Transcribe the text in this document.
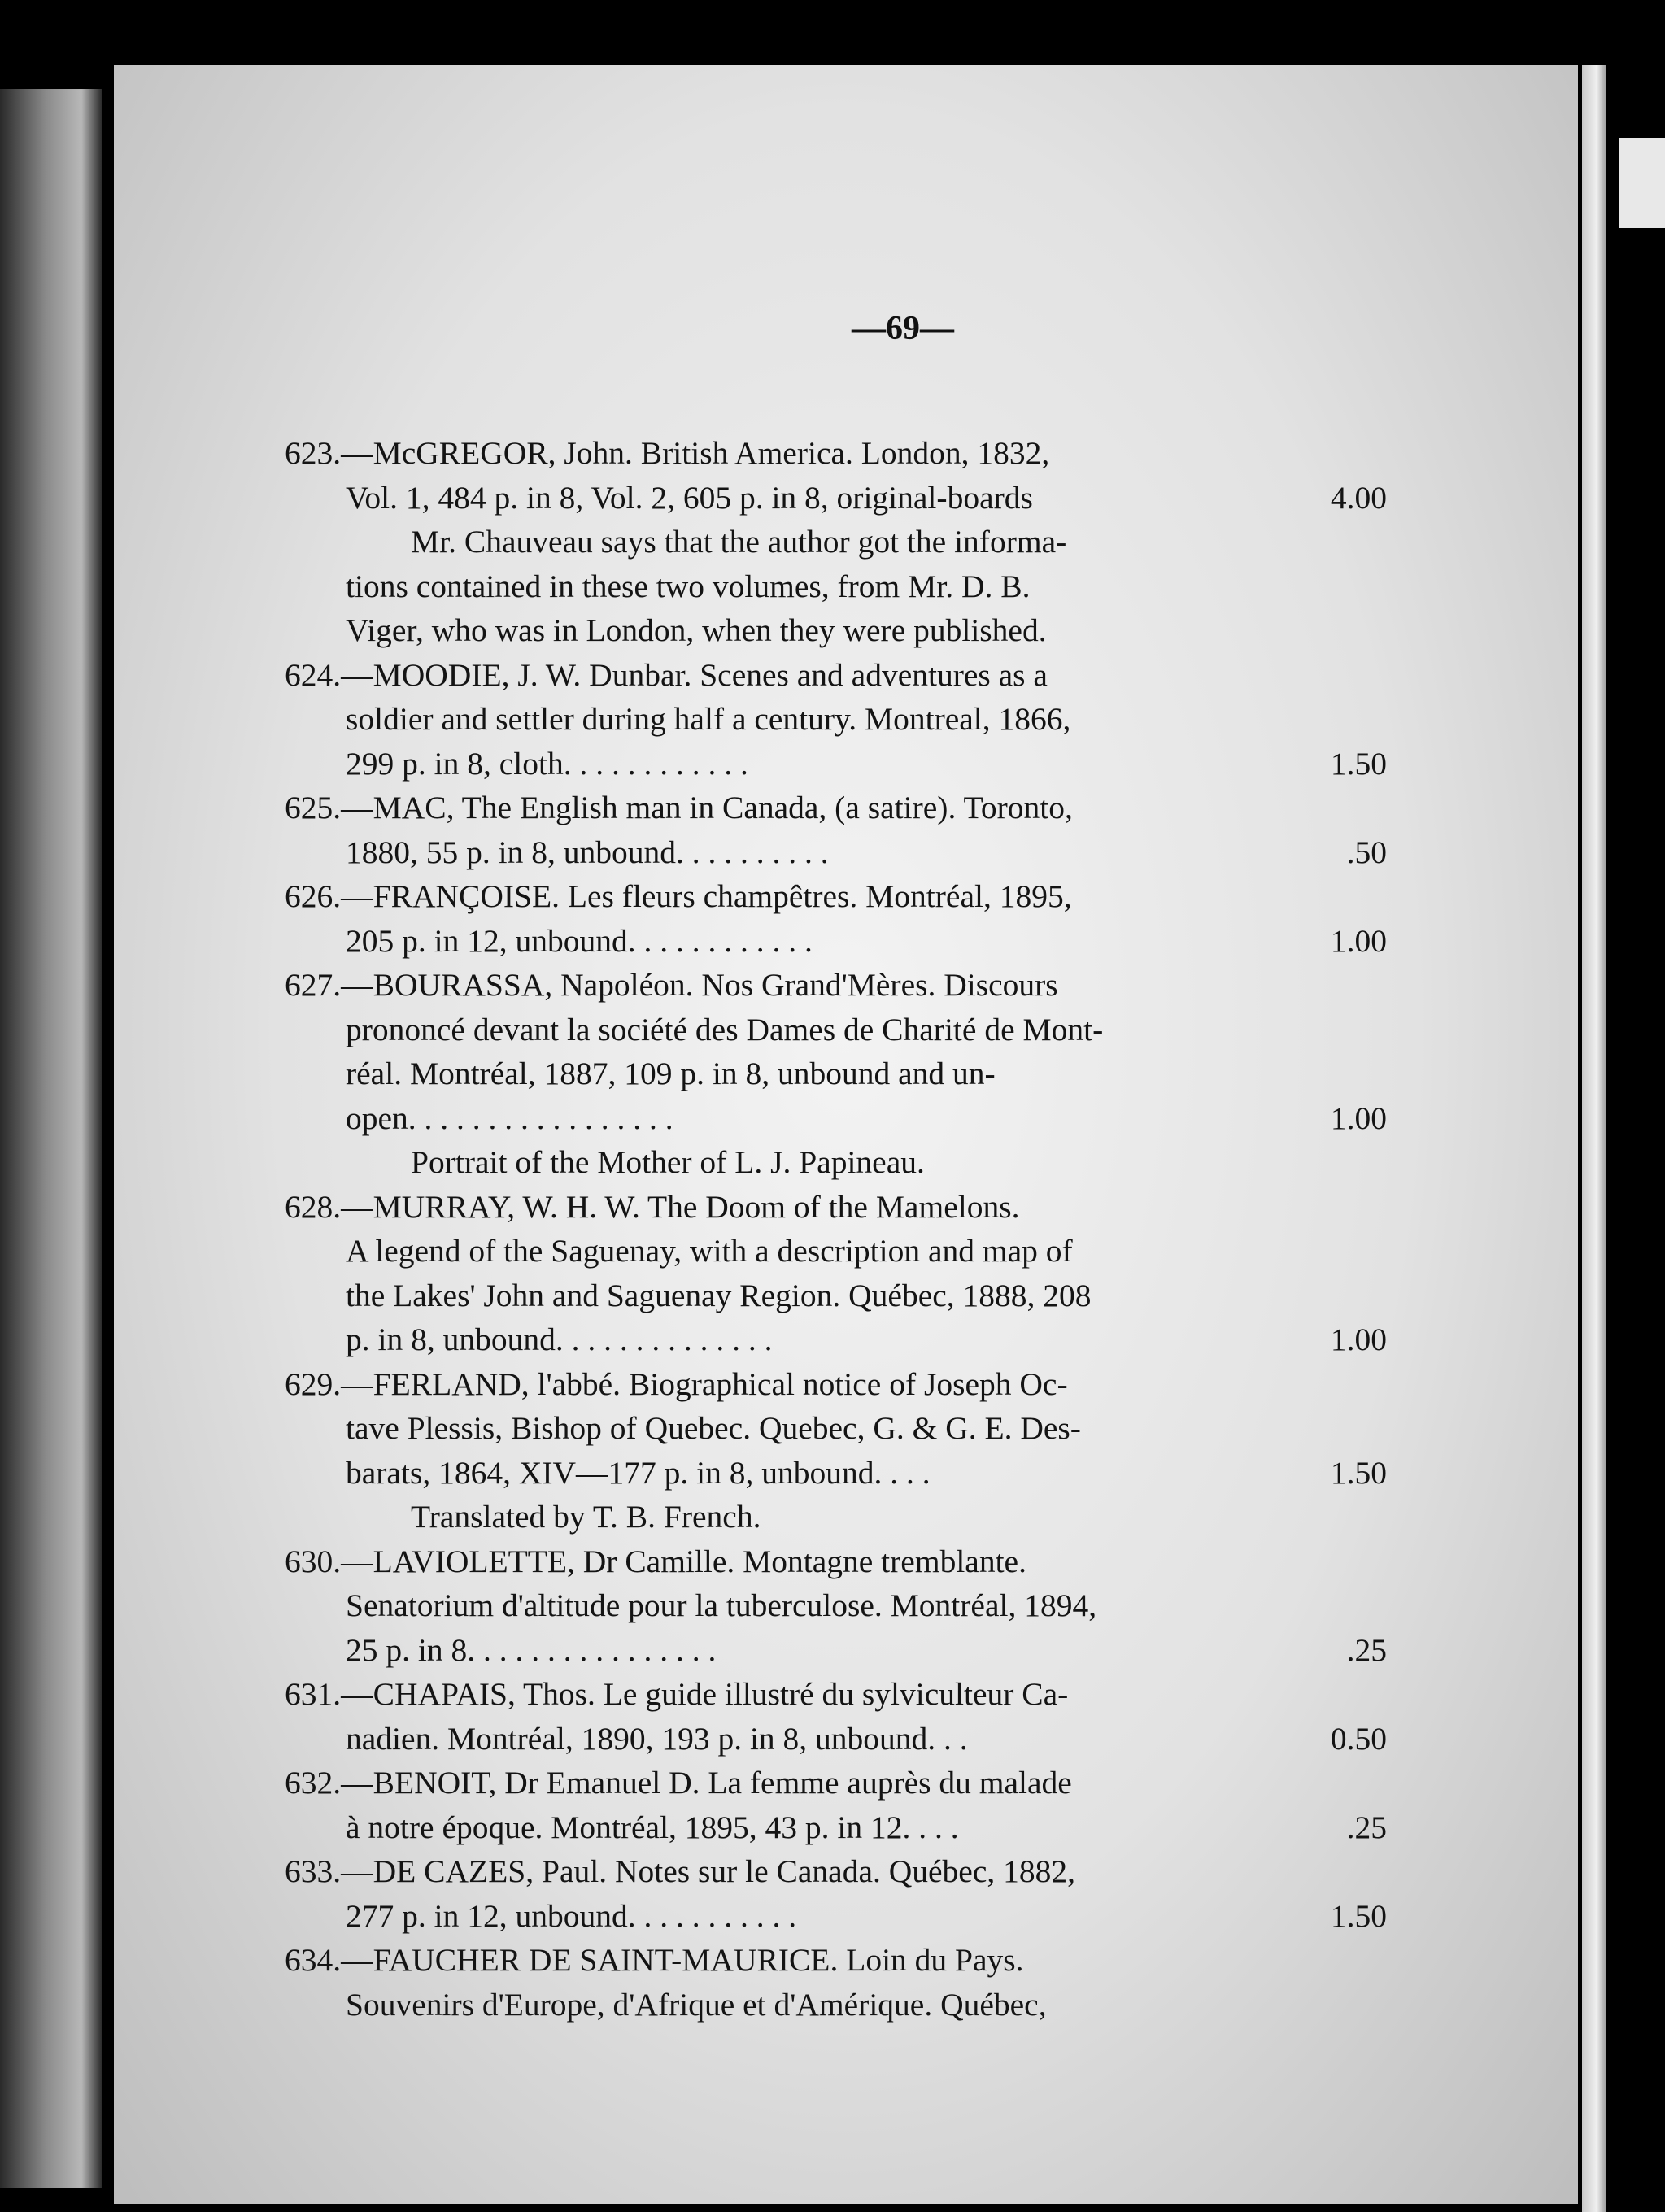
—69—
623.—McGREGOR, John. British America. London, 1832,
Vol. 1, 484 p. in 8, Vol. 2, 605 p. in 8, original-boards	4.00
Mr. Chauveau says that the author got the informa-
tions contained in these two volumes, from Mr. D. B.
Viger, who was in London, when they were published.
624.—MOODIE, J. W. Dunbar. Scenes and adventures as a
soldier and settler during half a century. Montreal, 1866,
299 p. in 8, cloth. . . . . . . . . . . .	1.50
625.—MAC, The English man in Canada, (a satire). Toronto,
1880, 55 p. in 8, unbound. . . . . . . . . .	.50
626.—FRANÇOISE. Les fleurs champêtres. Montréal, 1895,
205 p. in 12, unbound. . . . . . . . . . . .	1.00
627.—BOURASSA, Napoléon. Nos Grand'Mères. Discours
prononcé devant la société des Dames de Charité de Mont-
réal. Montréal, 1887, 109 p. in 8, unbound and un-
open. . . . . . . . . . . . . . . . .	1.00
Portrait of the Mother of L. J. Papineau.
628.—MURRAY, W. H. W. The Doom of the Mamelons.
A legend of the Saguenay, with a description and map of
the Lakes' John and Saguenay Region. Québec, 1888, 208
p. in 8, unbound. . . . . . . . . . . . . .	1.00
629.—FERLAND, l'abbé. Biographical notice of Joseph Oc-
tave Plessis, Bishop of Quebec. Quebec, G. & G. E. Des-
barats, 1864, XIV—177 p. in 8, unbound. . . .	1.50
Translated by T. B. French.
630.—LAVIOLETTE, Dr Camille. Montagne tremblante.
Senatorium d'altitude pour la tuberculose. Montréal, 1894,
25 p. in 8. . . . . . . . . . . . . . . .	.25
631.—CHAPAIS, Thos. Le guide illustré du sylviculteur Ca-
nadien. Montréal, 1890, 193 p. in 8, unbound. . .	0.50
632.—BENOIT, Dr Emanuel D. La femme auprès du malade
à notre époque. Montréal, 1895, 43 p. in 12. . . .	.25
633.—DE CAZES, Paul. Notes sur le Canada. Québec, 1882,
277 p. in 12, unbound. . . . . . . . . . .	1.50
634.—FAUCHER DE SAINT-MAURICE. Loin du Pays.
Souvenirs d'Europe, d'Afrique et d'Amérique. Québec,
